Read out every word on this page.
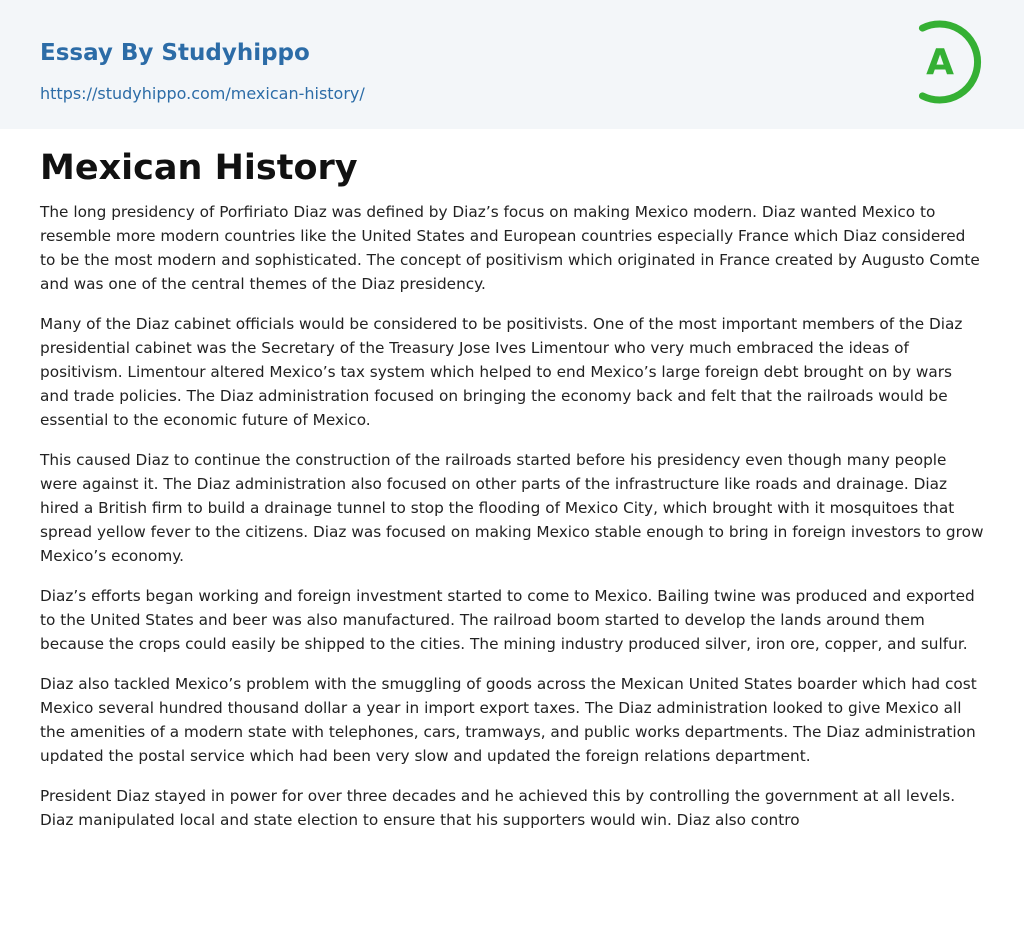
Essay By Studyhippo
https://studyhippo.com/mexican-history/
A
Mexican History

The long presidency of Porfiriato Diaz was defined by Diaz’s focus on making Mexico modern. Diaz wanted Mexico to resemble more modern countries like the United States and European countries especially France which Diaz considered to be the most modern and sophisticated. The concept of positivism which originated in France created by Augusto Comte and was one of the central themes of the Diaz presidency.

Many of the Diaz cabinet officials would be considered to be positivists. One of the most important members of the Diaz presidential cabinet was the Secretary of the Treasury Jose Ives Limentour who very much embraced the ideas of positivism. Limentour altered Mexico’s tax system which helped to end Mexico’s large foreign debt brought on by wars and trade policies. The Diaz administration focused on bringing the economy back and felt that the railroads would be essential to the economic future of Mexico.

This caused Diaz to continue the construction of the railroads started before his presidency even though many people were against it. The Diaz administration also focused on other parts of the infrastructure like roads and drainage. Diaz hired a British firm to build a drainage tunnel to stop the flooding of Mexico City, which brought with it mosquitoes that spread yellow fever to the citizens. Diaz was focused on making Mexico stable enough to bring in foreign investors to grow Mexico’s economy.

Diaz’s efforts began working and foreign investment started to come to Mexico. Bailing twine was produced and exported to the United States and beer was also manufactured. The railroad boom started to develop the lands around them because the crops could easily be shipped to the cities. The mining industry produced silver, iron ore, copper, and sulfur.

Diaz also tackled Mexico’s problem with the smuggling of goods across the Mexican United States boarder which had cost Mexico several hundred thousand dollar a year in import export taxes. The Diaz administration looked to give Mexico all the amenities of a modern state with telephones, cars, tramways, and public works departments. The Diaz administration updated the postal service which had been very slow and updated the foreign relations department.

President Diaz stayed in power for over three decades and he achieved this by controlling the government at all levels. Diaz manipulated local and state election to ensure that his supporters would win. Diaz also contro
